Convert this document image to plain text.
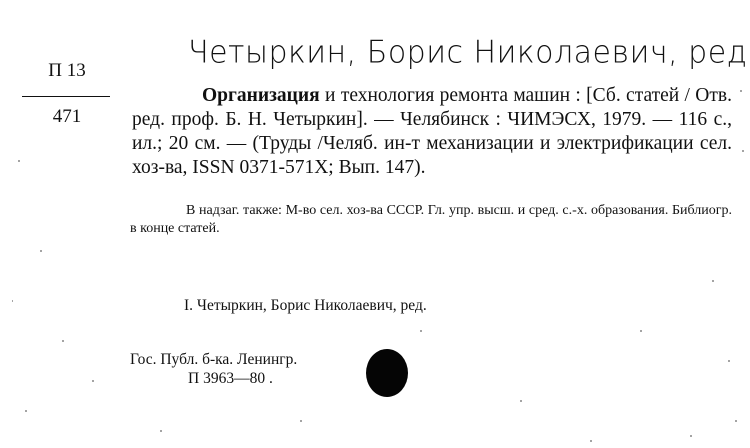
Четыркин, Борис Николаевич, ред
П 13
471
Организация и технология ремонта машин : [Сб. статей / Отв. ред. проф. Б. Н. Четыркин]. — Челябинск : ЧИМЭСХ, 1979. — 116 с., ил.; 20 см. — (Труды /Челяб. ин-т механизации и электрификации сел. хоз-ва, ISSN 0371-571X; Вып. 147).
В надзаг. также: М-во сел. хоз-ва СССР. Гл. упр. высш. и сред. с.-х. образования. Библиогр. в конце статей.
I. Четыркин, Борис Николаевич, ред.
Гос. Публ. б-ка. Ленингр.
П 3963—80 .
